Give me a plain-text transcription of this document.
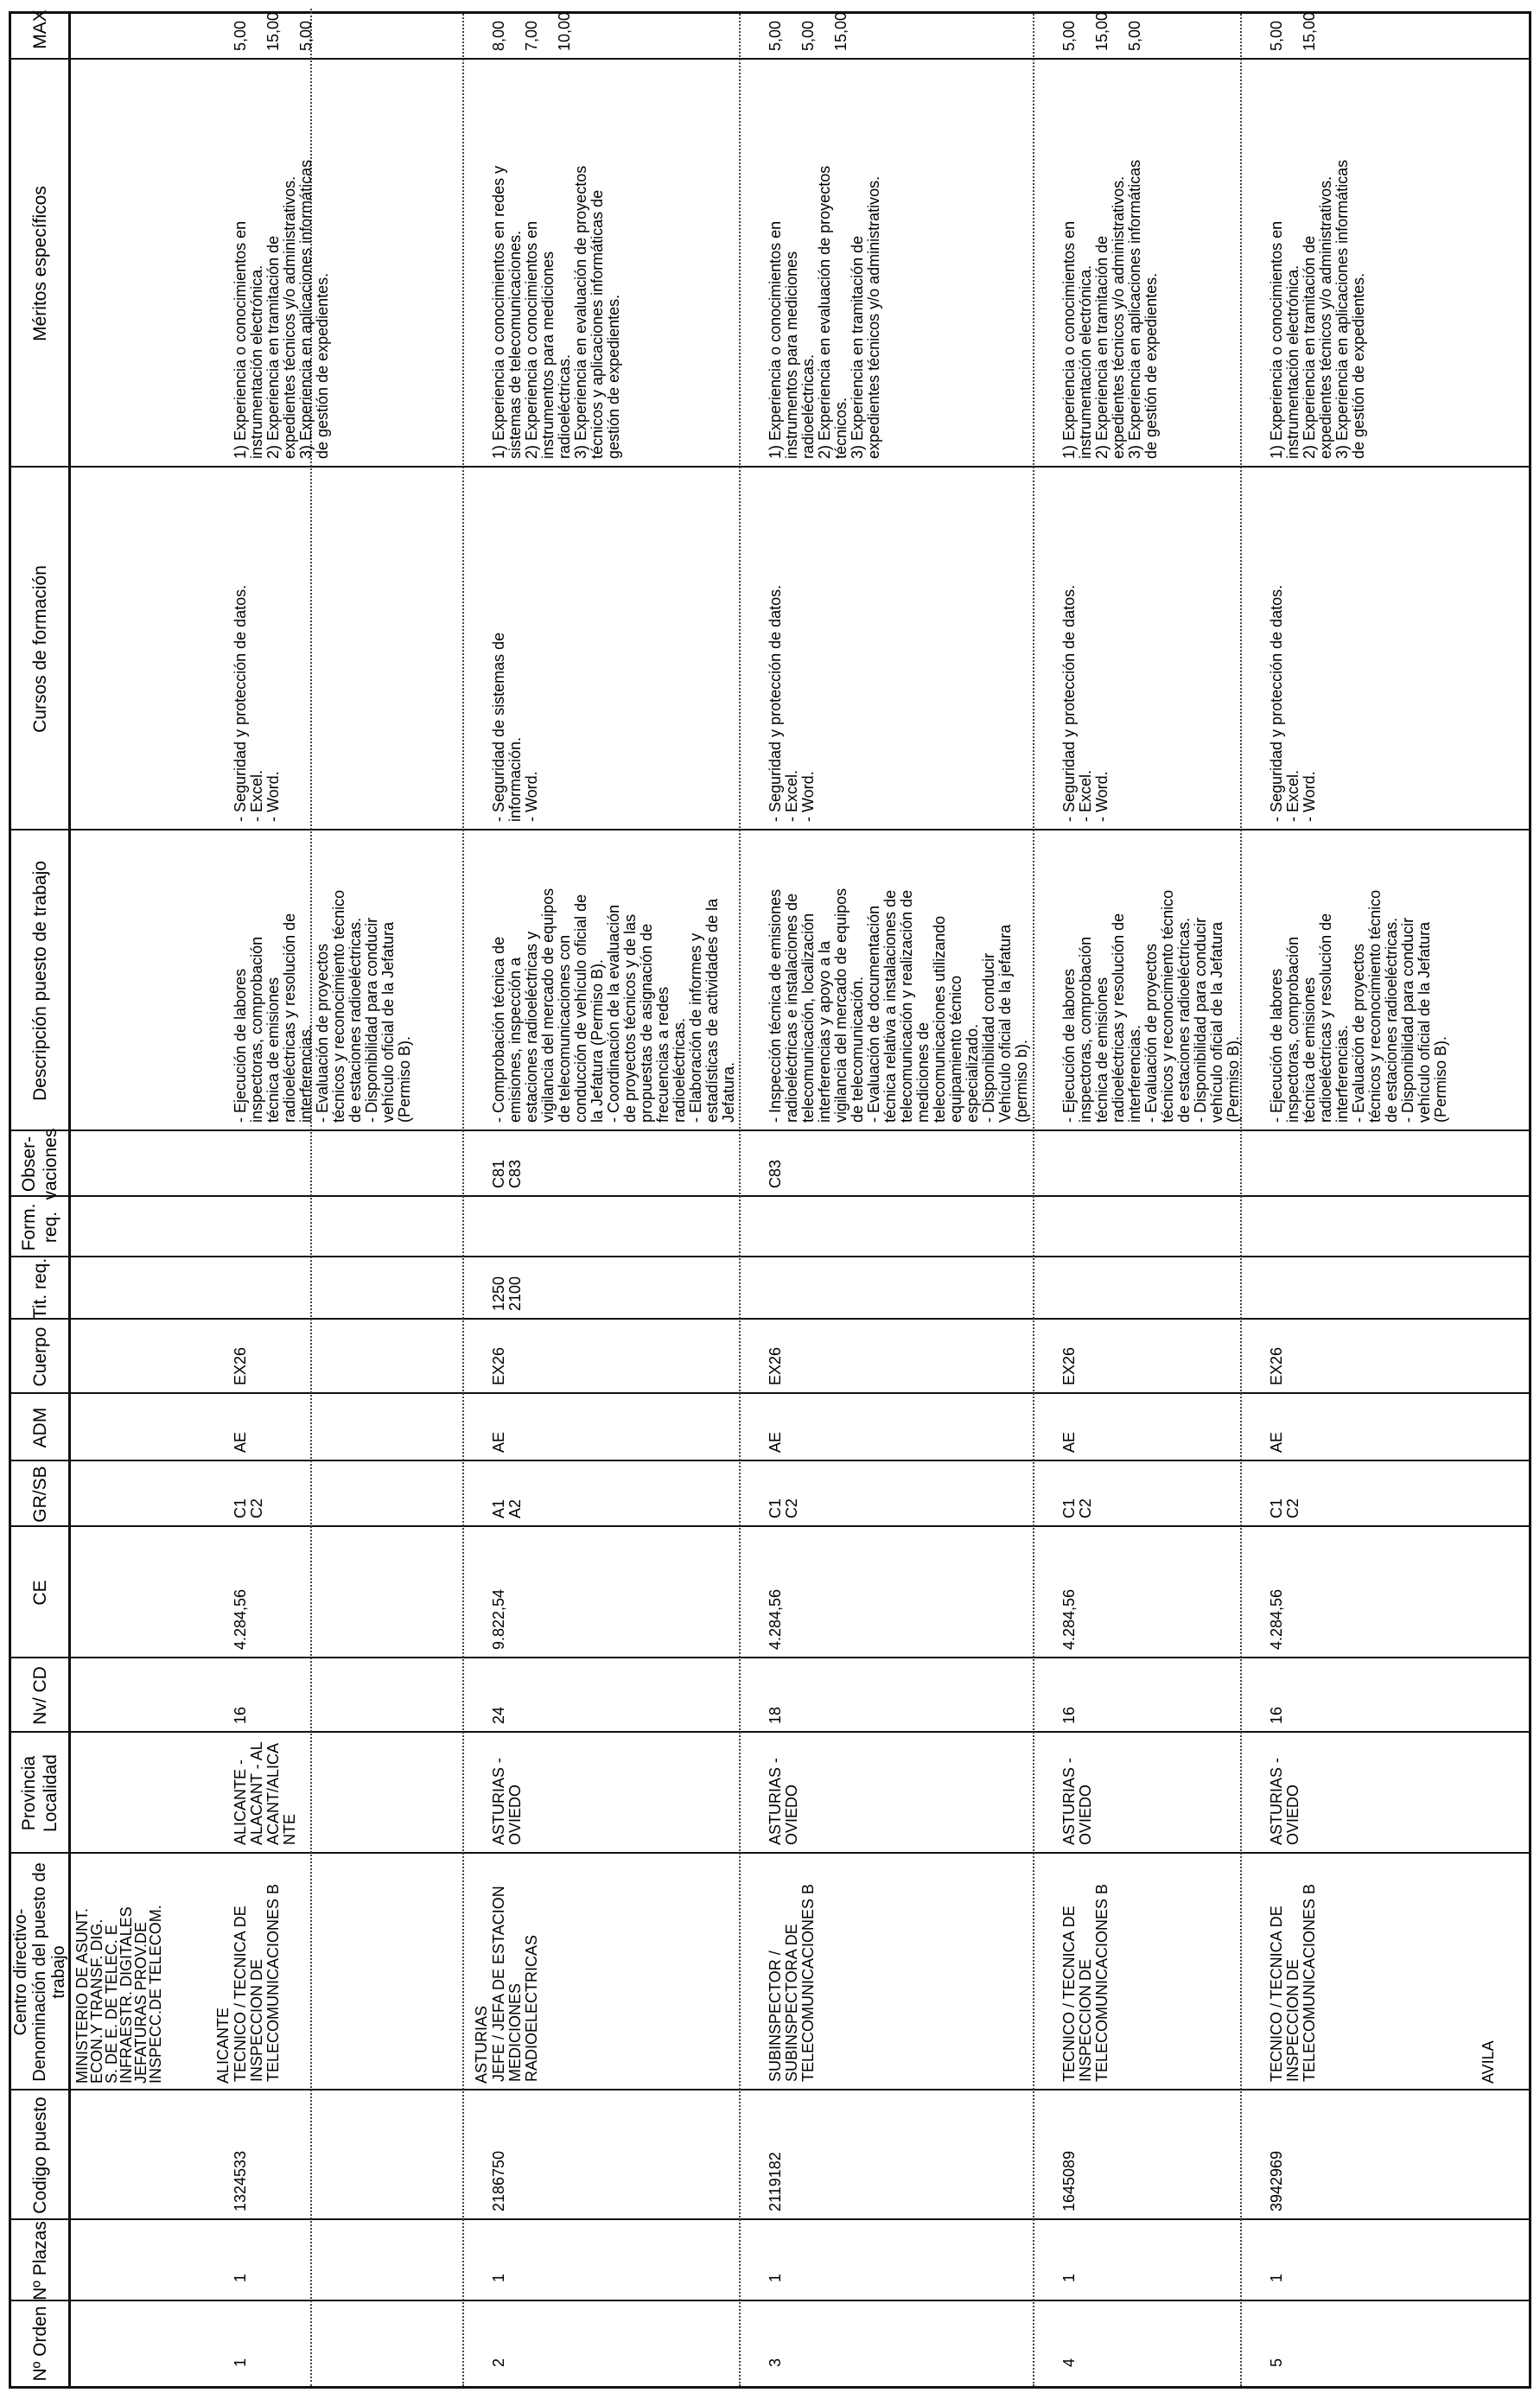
Nº Orden
Nº Plazas
Codigo puesto
Centro directivo- Denominación del puesto de trabajo
Provincia Localidad
Nv/ CD
CE
GR/SB
ADM
Cuerpo
Tit. req.
Form. req.
Obser- vaciones
Descripción puesto de trabajo
Cursos de formación
Méritos específicos
MAX
MINISTERIO DE ASUNT.
ECON.Y TRANSF. DIG.
S. DE E. DE TELEC. E
INFRAESTR. DIGITALES
JEFATURAS PROV.DE
INSPECC.DE TELECOM.
AVILA
ALICANTE
1
1
1324533
TECNICO / TECNICA DE
INSPECCION DE
TELECOMUNICACIONES B
ALICANTE -
ALACANT - AL
ACANT/ALICA
NTE
16
4.284,56
C1
C2
AE
EX26
- Ejecución de labores
inspectoras, comprobación
técnica de emisiones
radioeléctricas y resolución de
interferencias.
- Evaluación de proyectos
técnicos y reconocimiento técnico
de estaciones radioeléctricas.
- Disponibilidad para conducir
vehículo oficial de la Jefatura
(Permiso B).
- Seguridad y protección de datos.
- Excel.
- Word.
1) Experiencia o conocimientos en
instrumentación electrónica.
2) Experiencia en tramitación de
expedientes técnicos y/o administrativos.
3) Experiencia en aplicaciones informáticas
de gestión de expedientes.
5,00

15,00

5,00
ASTURIAS
2
1
2186750
JEFE / JEFA DE ESTACION
MEDICIONES
RADIOELECTRICAS
ASTURIAS -
OVIEDO
24
9.822,54
A1
A2
AE
EX26
1250
2100
C81
C83
- Comprobación técnica de
emisiones, inspección a
estaciones radioeléctricas y
vigilancia del mercado de equipos
de telecomunicaciones con
conducción de vehículo oficial de
la Jefatura (Permiso B).
- Coordinación de la evaluación
de proyectos técnicos y de las
propuestas de asignación de
frecuencias a redes
radioeléctricas.
- Elaboración de informes y
estadísticas de actividades de la
Jefatura.
- Seguridad de sistemas de
información.
- Word.
1) Experiencia o conocimientos en redes y
sistemas de telecomunicaciones.
2) Experiencia o conocimientos en
instrumentos para mediciones
radioeléctricas.
3) Experiencia en evaluación de proyectos
técnicos y aplicaciones informáticas de
gestión de expedientes.
8,00

7,00

10,00
3
1
2119182
SUBINSPECTOR /
SUBINSPECTORA DE
TELECOMUNICACIONES B
ASTURIAS -
OVIEDO
18
4.284,56
C1
C2
AE
EX26
C83
- Inspección técnica de emisiones
radioeléctricas e instalaciones de
telecomunicación, localización
interferencias y apoyo a la
vigilancia del mercado de equipos
de telecomunicación.
- Evaluación de documentación
técnica relativa a instalaciones de
telecomunicación y realización de
mediciones de
telecomunicaciones utilizando
equipamiento técnico
especializado.
- Disponibilidad conducir
Vehículo oficial de la jefatura
(permiso b).
- Seguridad y protección de datos.
- Excel.
- Word.
1) Experiencia o conocimientos en
instrumentos para mediciones
radioeléctricas.
2) Experiencia en evaluación de proyectos
técnicos.
3) Experiencia en tramitación de
expedientes técnicos y/o administrativos.
5,00

5,00

15,00
4
1
1645089
TECNICO / TECNICA DE
INSPECCION DE
TELECOMUNICACIONES B
ASTURIAS -
OVIEDO
16
4.284,56
C1
C2
AE
EX26
- Ejecución de labores
inspectoras, comprobación
técnica de emisiones
radioeléctricas y resolución de
interferencias.
- Evaluación de proyectos
técnicos y reconocimiento técnico
de estaciones radioeléctricas.
- Disponibilidad para conducir
vehículo oficial de la Jefatura
(Permiso B).
- Seguridad y protección de datos.
- Excel.
- Word.
1) Experiencia o conocimientos en
instrumentación electrónica.
2) Experiencia en tramitación de
expedientes técnicos y/o administrativos.
3) Experiencia en aplicaciones informáticas
de gestión de expedientes.
5,00

15,00

5,00
5
1
3942969
TECNICO / TECNICA DE
INSPECCION DE
TELECOMUNICACIONES B
ASTURIAS -
OVIEDO
16
4.284,56
C1
C2
AE
EX26
- Ejecución de labores
inspectoras, comprobación
técnica de emisiones
radioeléctricas y resolución de
interferencias.
- Evaluación de proyectos
técnicos y reconocimiento técnico
de estaciones radioeléctricas.
- Disponibilidad para conducir
vehículo oficial de la Jefatura
(Permiso B).
- Seguridad y protección de datos.
- Excel.
- Word.
1) Experiencia o conocimientos en
instrumentación electrónica.
2) Experiencia en tramitación de
expedientes técnicos y/o administrativos.
3) Experiencia en aplicaciones informáticas
de gestión de expedientes.
5,00

15,00
